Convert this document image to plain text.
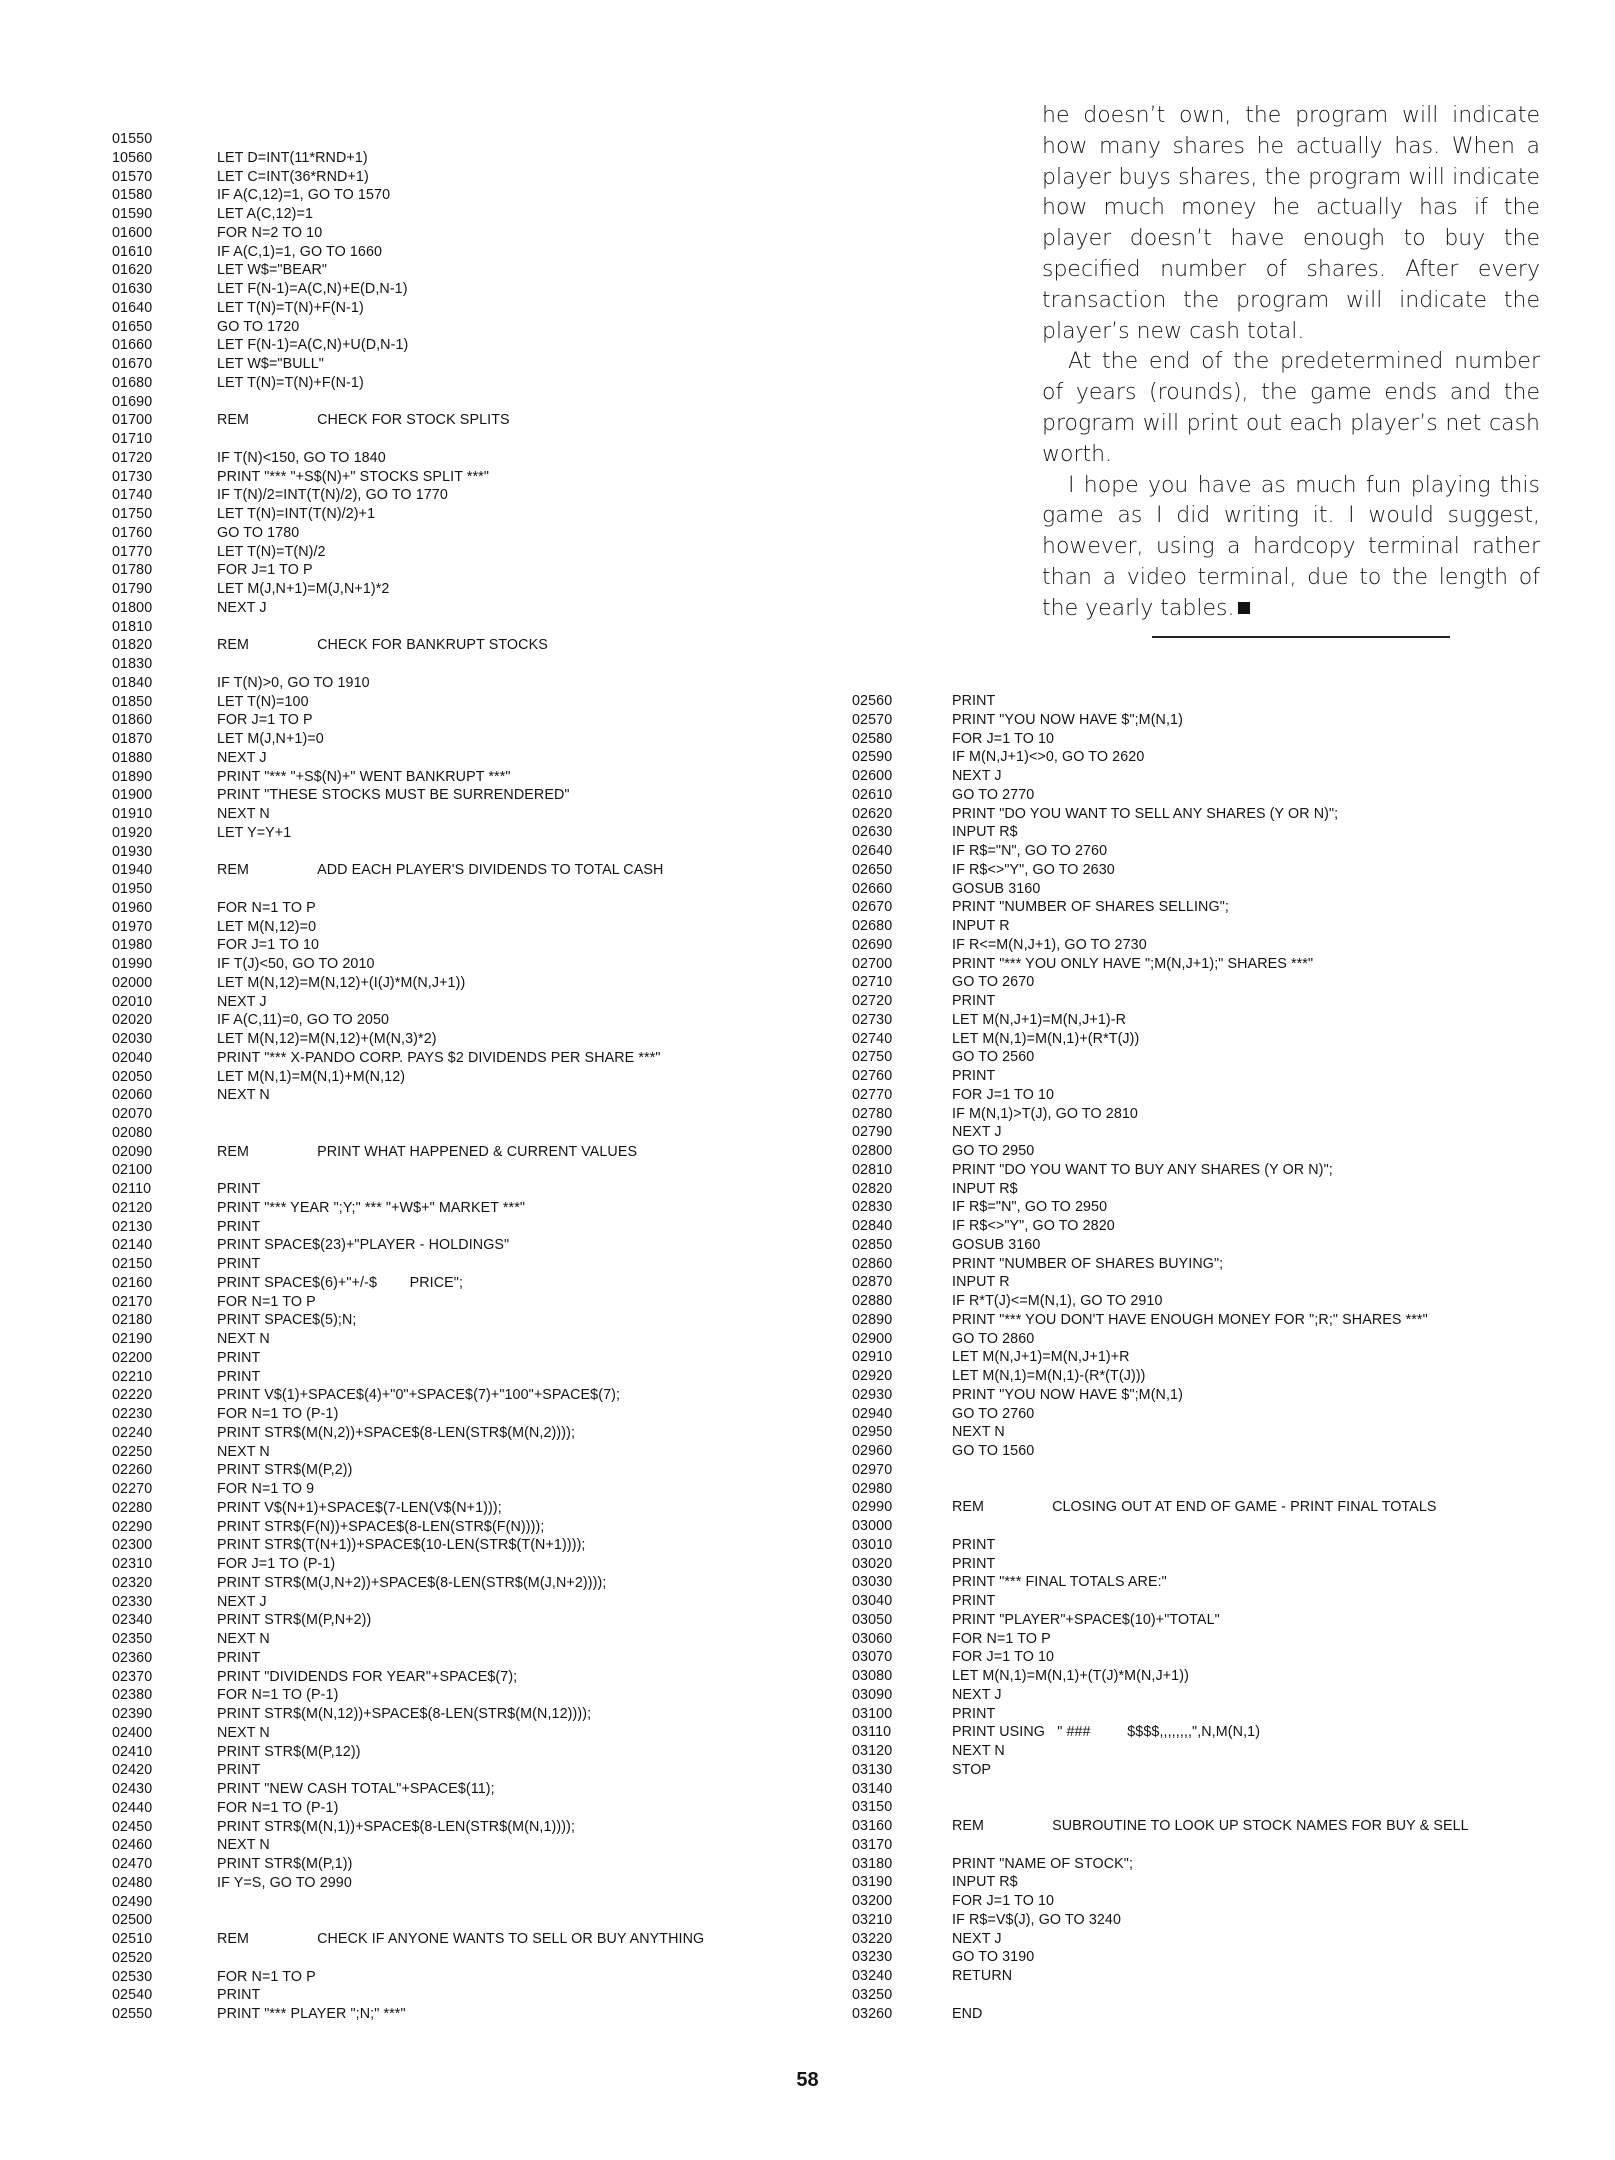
he doesn’t own, the program will indicate how many shares he actually has. When a player buys shares, the program will indicate how much money he actually has if the player doesn’t have enough to buy the specified number of shares. After every transaction the program will indicate the player’s new cash total.

At the end of the predetermined number of years (rounds), the game ends and the program will print out each player’s net cash worth.

I hope you have as much fun playing this game as I did writing it. I would suggest, however, using a hardcopy terminal rather than a video terminal, due to the length of the yearly tables.

01550
10560	LET D=INT(11*RND+1)
01570	LET C=INT(36*RND+1)
01580	IF A(C,12)=1, GO TO 1570
01590	LET A(C,12)=1
01600	FOR N=2 TO 10
01610	IF A(C,1)=1, GO TO 1660
01620	LET W$="BEAR"
01630	LET F(N-1)=A(C,N)+E(D,N-1)
01640	LET T(N)=T(N)+F(N-1)
01650	GO TO 1720
01660	LET F(N-1)=A(C,N)+U(D,N-1)
01670	LET W$="BULL"
01680	LET T(N)=T(N)+F(N-1)
01690
01700	REM	CHECK FOR STOCK SPLITS
01710
01720	IF T(N)<150, GO TO 1840
01730	PRINT "*** "+S$(N)+" STOCKS SPLIT ***"
01740	IF T(N)/2=INT(T(N)/2), GO TO 1770
01750	LET T(N)=INT(T(N)/2)+1
01760	GO TO 1780
01770	LET T(N)=T(N)/2
01780	FOR J=1 TO P
01790	LET M(J,N+1)=M(J,N+1)*2
01800	NEXT J
01810
01820	REM	CHECK FOR BANKRUPT STOCKS
01830
01840	IF T(N)>0, GO TO 1910
01850	LET T(N)=100
01860	FOR J=1 TO P
01870	LET M(J,N+1)=0
01880	NEXT J
01890	PRINT "*** "+S$(N)+" WENT BANKRUPT ***"
01900	PRINT "THESE STOCKS MUST BE SURRENDERED"
01910	NEXT N
01920	LET Y=Y+1
01930
01940	REM	ADD EACH PLAYER'S DIVIDENDS TO TOTAL CASH
01950
01960	FOR N=1 TO P
01970	LET M(N,12)=0
01980	FOR J=1 TO 10
01990	IF T(J)<50, GO TO 2010
02000	LET M(N,12)=M(N,12)+(I(J)*M(N,J+1))
02010	NEXT J
02020	IF A(C,11)=0, GO TO 2050
02030	LET M(N,12)=M(N,12)+(M(N,3)*2)
02040	PRINT "*** X-PANDO CORP. PAYS $2 DIVIDENDS PER SHARE ***"
02050	LET M(N,1)=M(N,1)+M(N,12)
02060	NEXT N
02070
02080
02090	REM	PRINT WHAT HAPPENED & CURRENT VALUES
02100
02110	PRINT
02120	PRINT "*** YEAR ";Y;" *** "+W$+" MARKET ***"
02130	PRINT
02140	PRINT SPACE$(23)+"PLAYER - HOLDINGS"
02150	PRINT
02160	PRINT SPACE$(6)+"+/-$        PRICE";
02170	FOR N=1 TO P
02180	PRINT SPACE$(5);N;
02190	NEXT N
02200	PRINT
02210	PRINT
02220	PRINT V$(1)+SPACE$(4)+"0"+SPACE$(7)+"100"+SPACE$(7);
02230	FOR N=1 TO (P-1)
02240	PRINT STR$(M(N,2))+SPACE$(8-LEN(STR$(M(N,2))));
02250	NEXT N
02260	PRINT STR$(M(P,2))
02270	FOR N=1 TO 9
02280	PRINT V$(N+1)+SPACE$(7-LEN(V$(N+1)));
02290	PRINT STR$(F(N))+SPACE$(8-LEN(STR$(F(N))));
02300	PRINT STR$(T(N+1))+SPACE$(10-LEN(STR$(T(N+1))));
02310	FOR J=1 TO (P-1)
02320	PRINT STR$(M(J,N+2))+SPACE$(8-LEN(STR$(M(J,N+2))));
02330	NEXT J
02340	PRINT STR$(M(P,N+2))
02350	NEXT N
02360	PRINT
02370	PRINT "DIVIDENDS FOR YEAR"+SPACE$(7);
02380	FOR N=1 TO (P-1)
02390	PRINT STR$(M(N,12))+SPACE$(8-LEN(STR$(M(N,12))));
02400	NEXT N
02410	PRINT STR$(M(P,12))
02420	PRINT
02430	PRINT "NEW CASH TOTAL"+SPACE$(11);
02440	FOR N=1 TO (P-1)
02450	PRINT STR$(M(N,1))+SPACE$(8-LEN(STR$(M(N,1))));
02460	NEXT N
02470	PRINT STR$(M(P,1))
02480	IF Y=S, GO TO 2990
02490
02500
02510	REM	CHECK IF ANYONE WANTS TO SELL OR BUY ANYTHING
02520
02530	FOR N=1 TO P
02540	PRINT
02550	PRINT "*** PLAYER ";N;" ***"
02560	PRINT
02570	PRINT "YOU NOW HAVE $";M(N,1)
02580	FOR J=1 TO 10
02590	IF M(N,J+1)<>0, GO TO 2620
02600	NEXT J
02610	GO TO 2770
02620	PRINT "DO YOU WANT TO SELL ANY SHARES (Y OR N)";
02630	INPUT R$
02640	IF R$="N", GO TO 2760
02650	IF R$<>"Y", GO TO 2630
02660	GOSUB 3160
02670	PRINT "NUMBER OF SHARES SELLING";
02680	INPUT R
02690	IF R<=M(N,J+1), GO TO 2730
02700	PRINT "*** YOU ONLY HAVE ";M(N,J+1);" SHARES ***"
02710	GO TO 2670
02720	PRINT
02730	LET M(N,J+1)=M(N,J+1)-R
02740	LET M(N,1)=M(N,1)+(R*T(J))
02750	GO TO 2560
02760	PRINT
02770	FOR J=1 TO 10
02780	IF M(N,1)>T(J), GO TO 2810
02790	NEXT J
02800	GO TO 2950
02810	PRINT "DO YOU WANT TO BUY ANY SHARES (Y OR N)";
02820	INPUT R$
02830	IF R$="N", GO TO 2950
02840	IF R$<>"Y", GO TO 2820
02850	GOSUB 3160
02860	PRINT "NUMBER OF SHARES BUYING";
02870	INPUT R
02880	IF R*T(J)<=M(N,1), GO TO 2910
02890	PRINT "*** YOU DON'T HAVE ENOUGH MONEY FOR ";R;" SHARES ***"
02900	GO TO 2860
02910	LET M(N,J+1)=M(N,J+1)+R
02920	LET M(N,1)=M(N,1)-(R*(T(J)))
02930	PRINT "YOU NOW HAVE $";M(N,1)
02940	GO TO 2760
02950	NEXT N
02960	GO TO 1560
02970
02980
02990	REM	CLOSING OUT AT END OF GAME - PRINT FINAL TOTALS
03000
03010	PRINT
03020	PRINT
03030	PRINT "*** FINAL TOTALS ARE:"
03040	PRINT
03050	PRINT "PLAYER"+SPACE$(10)+"TOTAL"
03060	FOR N=1 TO P
03070	FOR J=1 TO 10
03080	LET M(N,1)=M(N,1)+(T(J)*M(N,J+1))
03090	NEXT J
03100	PRINT
03110	PRINT USING   " ###         $$$$,,,,,,,,",N,M(N,1)
03120	NEXT N
03130	STOP
03140
03150
03160	REM	SUBROUTINE TO LOOK UP STOCK NAMES FOR BUY & SELL
03170
03180	PRINT "NAME OF STOCK";
03190	INPUT R$
03200	FOR J=1 TO 10
03210	IF R$=V$(J), GO TO 3240
03220	NEXT J
03230	GO TO 3190
03240	RETURN
03250
03260	END
58
